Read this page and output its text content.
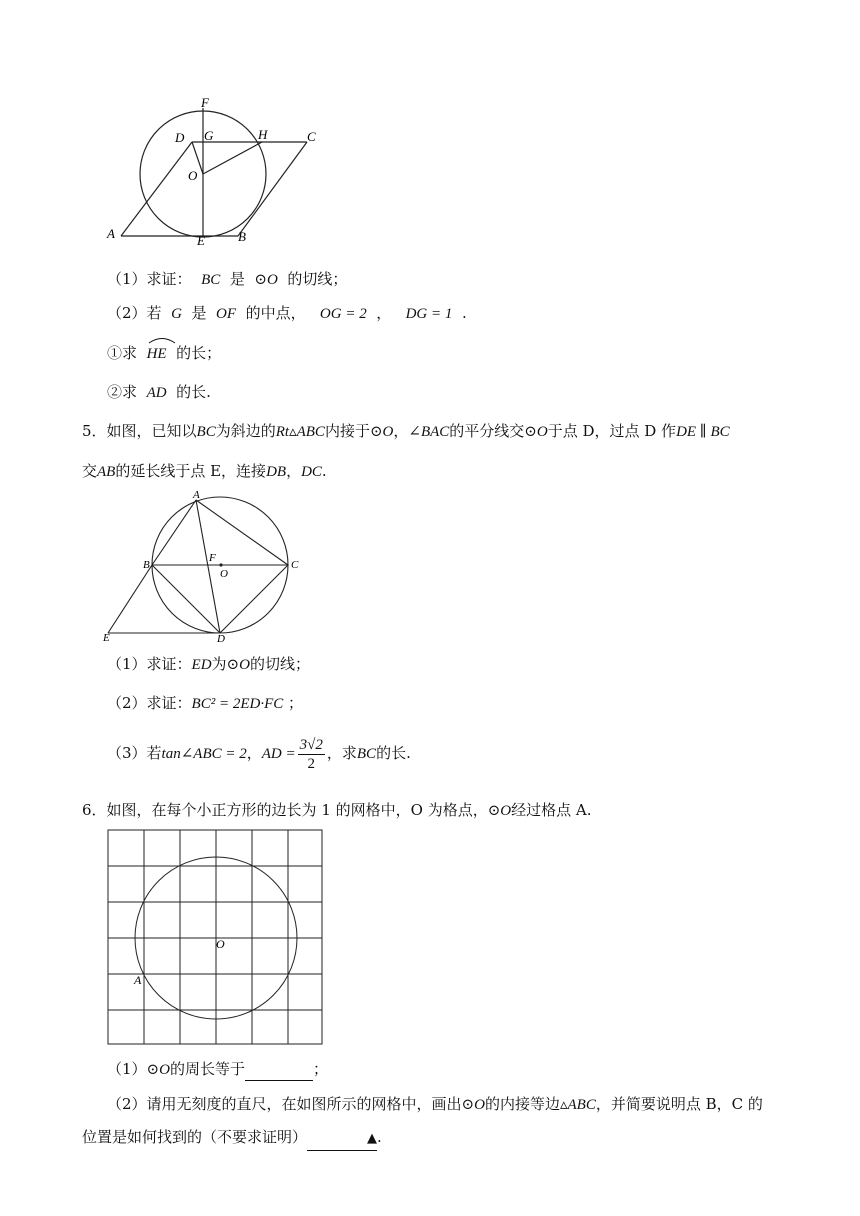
F
D G	H	C
O
A	E	B
（1）求证： BC 是 ⊙O 的切线；
（2）若 G 是 OF 的中点， OG = 2 ， DG = 1 .
①求 HE 的长；
②求 AD 的长.
5．如图，已知以BC为斜边的Rt▵ABC内接于⊙O，∠BAC的平分线交⊙O于点 D，过点 D 作DE ∥ BC
交AB的延长线于点 E，连接DB，DC.
A
B	C
F
O
E	D
（1）求证：ED为⊙O的切线；
（2）求证：BC² = 2ED·FC ；
（3）若tan∠ABC = 2，AD = $\frac{3√2}{2}$ ，求BC的长.
6．如图，在每个小正方形的边长为 1 的网格中，O 为格点，⊙O经过格点 A.
O
A
（1）⊙O的周长等于	；
（2）请用无刻度的直尺，在如图所示的网格中，画出⊙O的内接等边▵ABC，并简要说明点 B，C 的
位置是如何找到的（不要求证明）	▲.
